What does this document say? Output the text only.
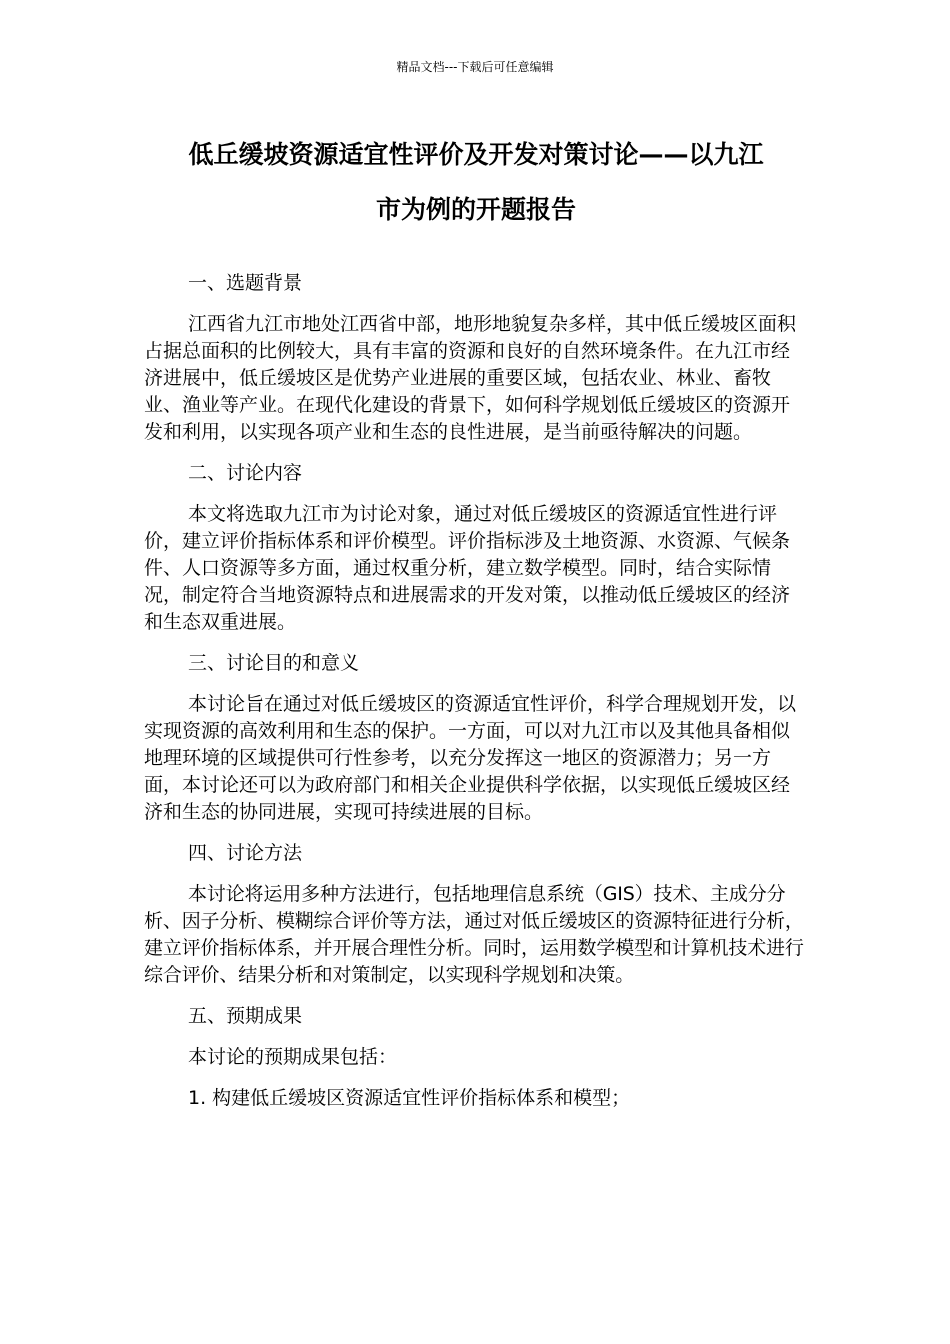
精品文档---下载后可任意编辑
低丘缓坡资源适宜性评价及开发对策讨论——以九江
市为例的开题报告
一、选题背景

江西省九江市地处江西省中部，地形地貌复杂多样，其中低丘缓坡区面积占据总面积的比例较大，具有丰富的资源和良好的自然环境条件。在九江市经济进展中，低丘缓坡区是优势产业进展的重要区域，包括农业、林业、畜牧业、渔业等产业。在现代化建设的背景下，如何科学规划低丘缓坡区的资源开发和利用，以实现各项产业和生态的良性进展，是当前亟待解决的问题。

二、讨论内容

本文将选取九江市为讨论对象，通过对低丘缓坡区的资源适宜性进行评价，建立评价指标体系和评价模型。评价指标涉及土地资源、水资源、气候条件、人口资源等多方面，通过权重分析，建立数学模型。同时，结合实际情况，制定符合当地资源特点和进展需求的开发对策，以推动低丘缓坡区的经济和生态双重进展。

三、讨论目的和意义

本讨论旨在通过对低丘缓坡区的资源适宜性评价，科学合理规划开发，以实现资源的高效利用和生态的保护。一方面，可以对九江市以及其他具备相似地理环境的区域提供可行性参考，以充分发挥这一地区的资源潜力；另一方面，本讨论还可以为政府部门和相关企业提供科学依据，以实现低丘缓坡区经济和生态的协同进展，实现可持续进展的目标。

四、讨论方法

本讨论将运用多种方法进行，包括地理信息系统（GIS）技术、主成分分析、因子分析、模糊综合评价等方法，通过对低丘缓坡区的资源特征进行分析，建立评价指标体系，并开展合理性分析。同时，运用数学模型和计算机技术进行综合评价、结果分析和对策制定，以实现科学规划和决策。

五、预期成果
本讨论的预期成果包括：
1. 构建低丘缓坡区资源适宜性评价指标体系和模型；
